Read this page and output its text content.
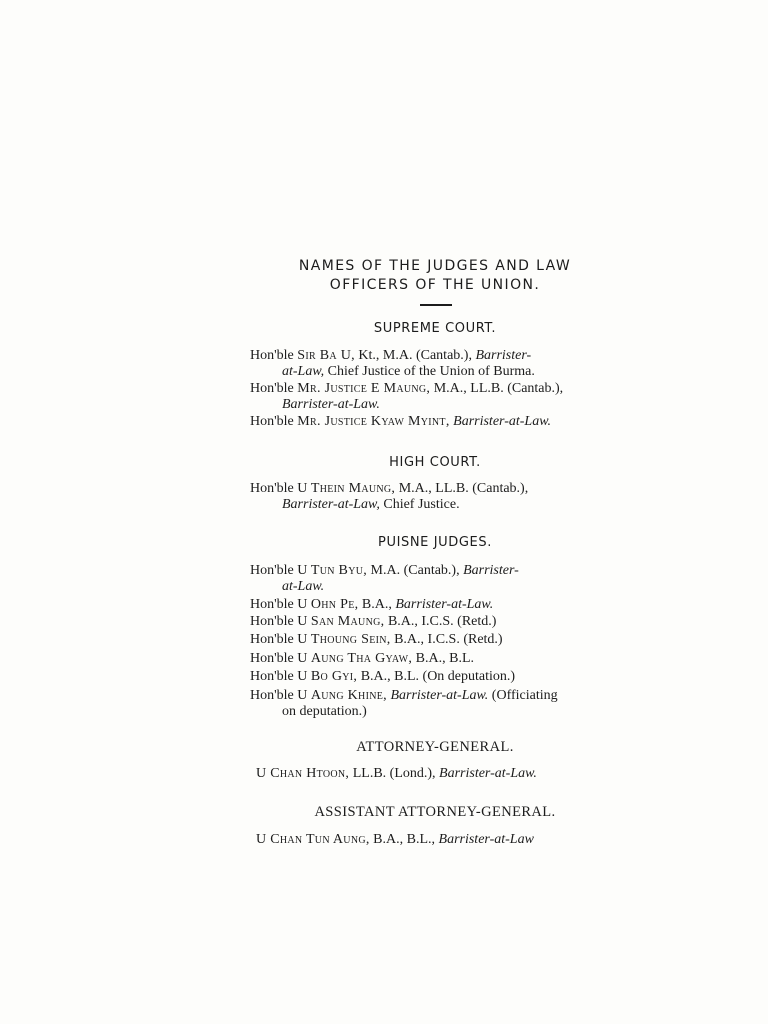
NAMES OF THE JUDGES AND LAW
OFFICERS OF THE UNION.
SUPREME COURT.
Hon'ble Sir Ba U, Kt., M.A. (Cantab.), Barrister-
at-Law, Chief Justice of the Union of Burma.
Hon'ble Mr. Justice E Maung, M.A., LL.B. (Cantab.),
Barrister-at-Law.
Hon'ble Mr. Justice Kyaw Myint, Barrister-at-Law.
HIGH COURT.
Hon'ble U Thein Maung, M.A., LL.B. (Cantab.),
Barrister-at-Law, Chief Justice.
PUISNE JUDGES.
Hon'ble U Tun Byu, M.A. (Cantab.), Barrister-
at-Law.
Hon'ble U Ohn Pe, B.A., Barrister-at-Law.
Hon'ble U San Maung, B.A., I.C.S. (Retd.)
Hon'ble U Thoung Sein, B.A., I.C.S. (Retd.)
Hon'ble U Aung Tha Gyaw, B.A., B.L.
Hon'ble U Bo Gyi, B.A., B.L. (On deputation.)
Hon'ble U Aung Khine, Barrister-at-Law. (Officiating
on deputation.)
ATTORNEY-GENERAL.
U Chan Htoon, LL.B. (Lond.), Barrister-at-Law.
ASSISTANT ATTORNEY-GENERAL.
U Chan Tun Aung, B.A., B.L., Barrister-at-Law
